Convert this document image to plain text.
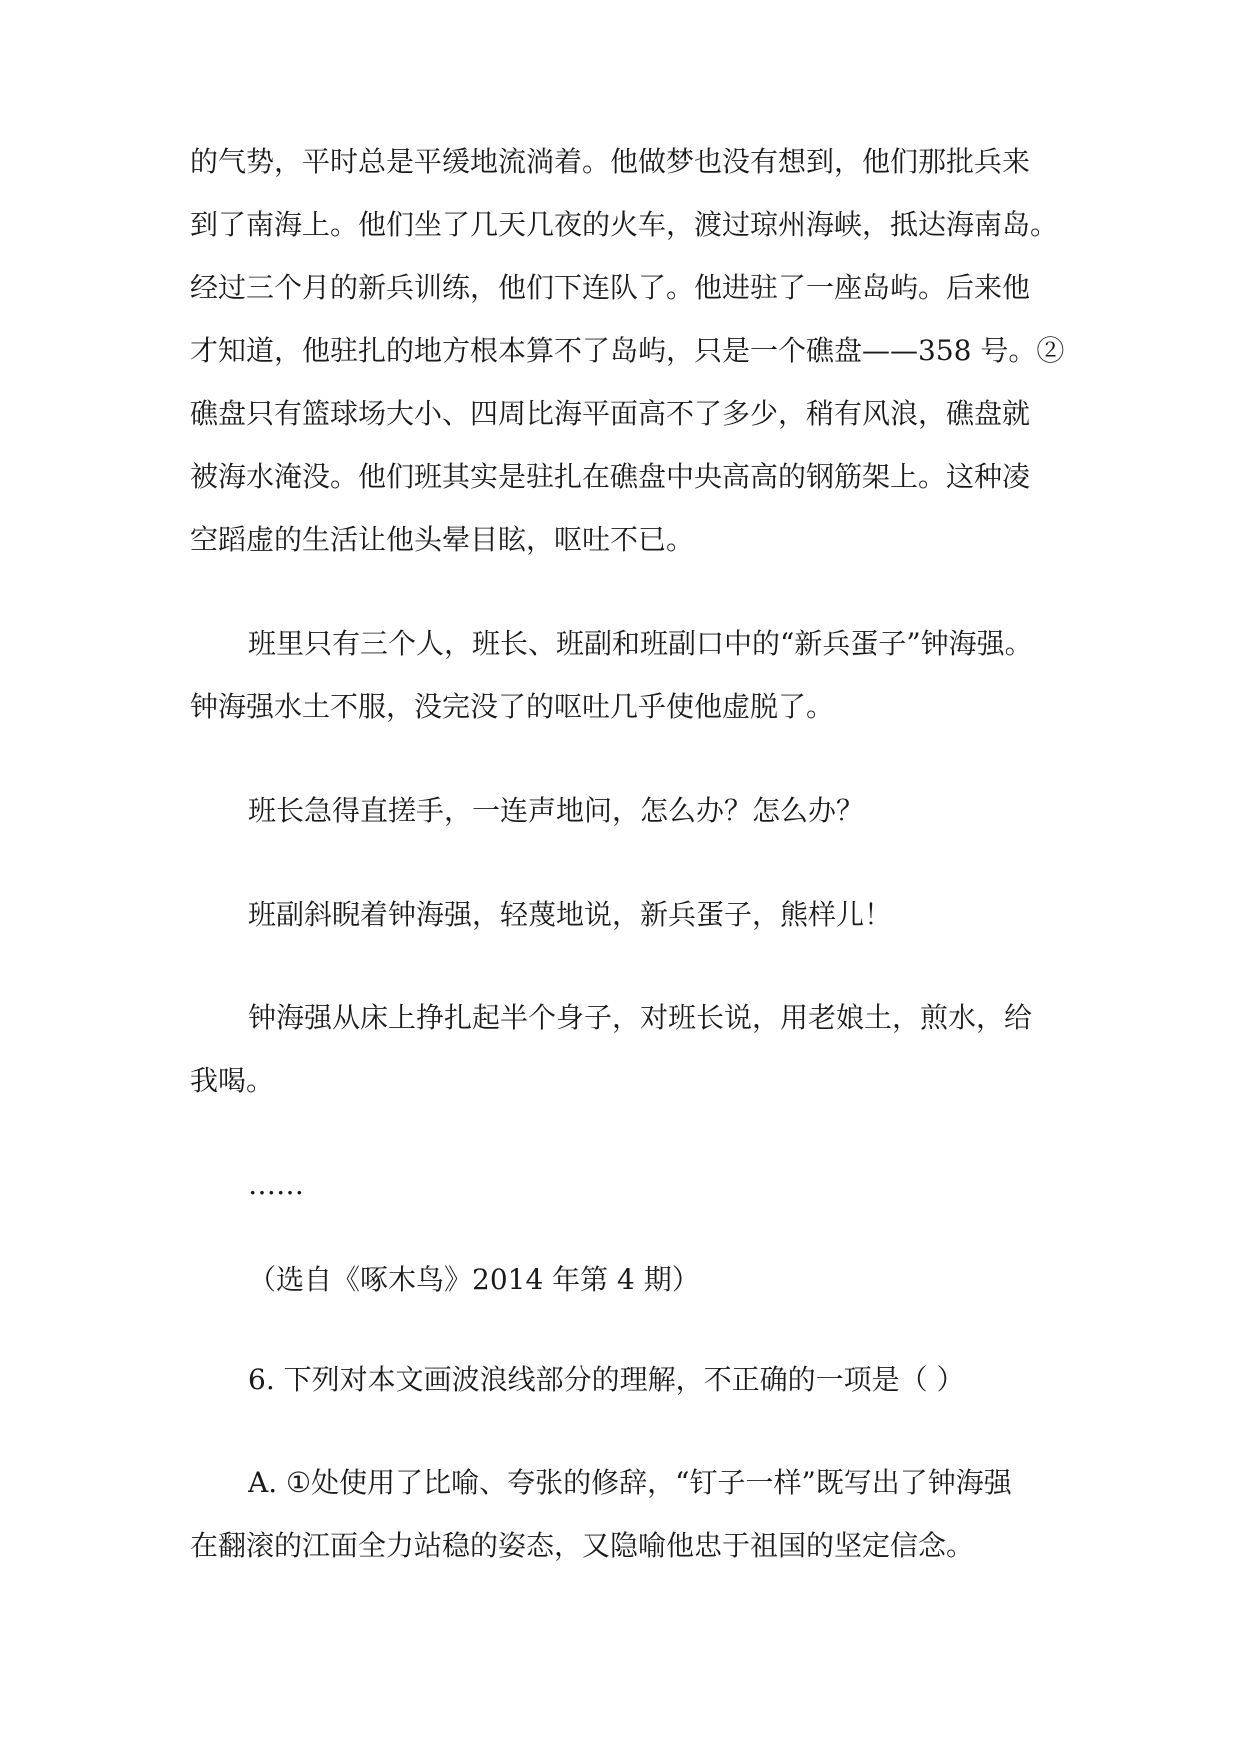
的气势，平时总是平缓地流淌着。他做梦也没有想到，他们那批兵来
到了南海上。他们坐了几天几夜的火车，渡过琼州海峡，抵达海南岛。
经过三个月的新兵训练，他们下连队了。他进驻了一座岛屿。后来他
才知道，他驻扎的地方根本算不了岛屿，只是一个礁盘——358 号。②
礁盘只有篮球场大小、四周比海平面高不了多少，稍有风浪，礁盘就
被海水淹没。他们班其实是驻扎在礁盘中央高高的钢筋架上。这种凌
空蹈虚的生活让他头晕目眩，呕吐不已。
班里只有三个人，班长、班副和班副口中的“新兵蛋子”钟海强。
钟海强水土不服，没完没了的呕吐几乎使他虚脱了。
班长急得直搓手，一连声地问，怎么办？怎么办？
班副斜睨着钟海强，轻蔑地说，新兵蛋子，熊样儿！
钟海强从床上挣扎起半个身子，对班长说，用老娘土，煎水，给
我喝。
……
（选自《啄木鸟》2014 年第 4 期）
6. 下列对本文画波浪线部分的理解，不正确的一项是（ ）
A. ①处使用了比喻、夸张的修辞，“钉子一样”既写出了钟海强
在翻滚的江面全力站稳的姿态，又隐喻他忠于祖国的坚定信念。
